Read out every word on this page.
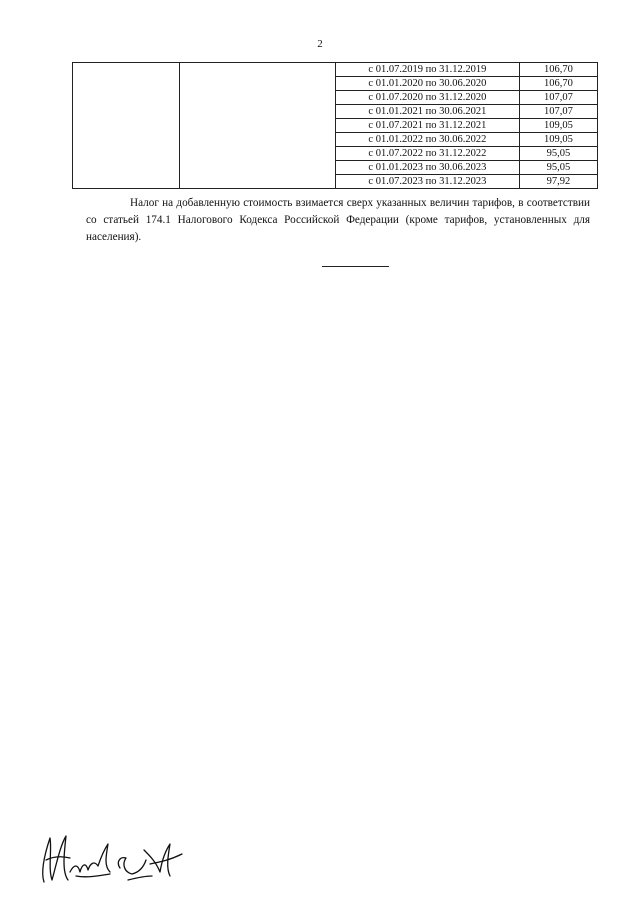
2
		с 01.07.2019 по 31.12.2019	106,70
		с 01.01.2020 по 30.06.2020	106,70
		с 01.07.2020 по 31.12.2020	107,07
		с 01.01.2021 по 30.06.2021	107,07
		с 01.07.2021 по 31.12.2021	109,05
		с 01.01.2022 по 30.06.2022	109,05
		с 01.07.2022 по 31.12.2022	95,05
		с 01.01.2023 по 30.06.2023	95,05
		с 01.07.2023 по 31.12.2023	97,92

Налог на добавленную стоимость взимается сверх указанных величин тарифов, в соответствии со статьей 174.1 Налогового Кодекса Российской Федерации (кроме тарифов, установленных для населения).
